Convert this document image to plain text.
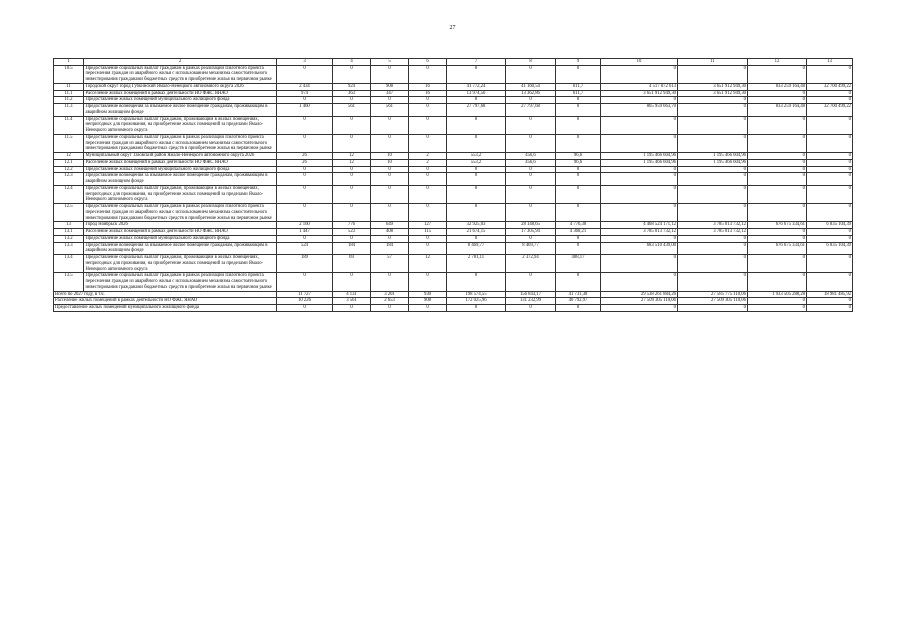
27
1	2	3	4	5	6	7	8	9	10	11	12	13
10.5	Предоставление социальных выплат гражданам в рамках реализации Пилотного проекта переселения граждан из аварийного жилья с использованием механизма самостоятельного инвестирования гражданами бюджетных средств в приобретение жилья на первичном рынке	0	0	0	0	0	0	0	0	0	0	0
11	Городской округ город Губкинский Ямало-Ненецкого автономного округа 2026	2 434	924	908	16	41 772,24	41 160,54	611,7	4 517 872 613	3 651 912 949,30	833 259 164,48	32 700 499,22
11.1	Расселение жилых помещений в рамках деятельности НО ФЖС ЯНАО	974	363	347	16	13 974,56	13 362,86	611,7	3 651 912 949,30	3 651 912 949,30	0	0
11.2	Предоставление жилых помещений муниципального жилищного фонда	0	0	0	0	0	0	0	0	0	0	0
11.3	Предоставление возмещения за изымаемое жилое помещение гражданам, проживающим в аварийном жилищном фонде	1 460	561	561	0	27 797,68	27 797,68	0	865 959 663,70	0	833 259 164,48	32 700 499,22
11.4	Предоставление социальных выплат гражданам, проживающим в жилых помещениях, непригодных для проживания, на приобретение жилых помещений за пределами Ямало-Ненецкого автономного округа	0	0	0	0	0	0	0	0	0	0	0
11.5	Предоставление социальных выплат гражданам в рамках реализации Пилотного проекта переселения граждан из аварийного жилья с использованием механизма самостоятельного инвестирования гражданами бюджетных средств в приобретение жилья на первичном рынке	0	0	0	0	0	0	0	0	0	0	0
12	Муниципальный округ Тазовский район Ямало-Ненецкого автономного округа 2026	26	12	10	2	553,2	456,6	96,6	1 195 466 604,96	1 195 466 604,96	0	0
12.1	Расселение жилых помещений в рамках деятельности НО ФЖС ЯНАО	26	12	10	2	553,2	456,6	96,6	1 195 466 604,96	1 195 466 604,96	0	0
12.2	Предоставление жилых помещений муниципального жилищного фонда	0	0	0	0	0	0	0	0	0	0	0
12.3	Предоставление возмещения за изымаемое жилое помещение гражданам, проживающим в аварийном жилищном фонде	0	0	0	0	0	0	0	0	0	0	0
12.4	Предоставление социальных выплат гражданам, проживающим в жилых помещениях, непригодных для проживания, на приобретение жилых помещений за пределами Ямало-Ненецкого автономного округа	0	0	0	0	0	0	0	0	0	0	0
12.5	Предоставление социальных выплат гражданам в рамках реализации Пилотного проекта переселения граждан из аварийного жилья с использованием механизма самостоятельного инвестирования гражданами бюджетных средств в приобретение жилья на первичном рынке	0	0	0	0	0	0	0	0	0	0	0
13	Город Ноябрьск 2026	2 160	776	649	127	32 925,03	28 148,65	4 776,38	4 468 524 171,12	3 785 013 732,12	676 675 334,61	6 835 104,39
13.1	Расселение жилых помещений в рамках деятельности НО ФЖС ЯНАО	1 447	523	408	115	21 674,15	17 305,94	4 368,21	3 785 013 732,12	3 785 013 732,12	0	0
13.2	Предоставление жилых помещений муниципального жилищного фонда	0	0	0	0	0	0	0	0	0	0	0
13.3	Предоставление возмещения за изымаемое жилое помещение гражданам, проживающим в аварийном жилищном фонде	524	184	184	0	8 469,77	8 469,77	0	683 510 439,00	0	676 675 334,61	6 835 104,39
13.4	Предоставление социальных выплат гражданам, проживающим в жилых помещениях, непригодных для проживания, на приобретение жилых помещений за пределами Ямало-Ненецкого автономного округа	189	69	57	12	2 781,11	2 372,94	408,17	0	0	0	0
13.5	Предоставление социальных выплат гражданам в рамках реализации Пилотного проекта переселения граждан из аварийного жилья с использованием механизма самостоятельного инвестирования гражданами бюджетных средств в приобретение жилья на первичном рынке	0	0	0	0	0	0	0	0	0	0	0
Всего по 2027 году, в т.ч.		11 727	4 131	3 201	930	198 574,55	156 843,17	41 731,38	29 538 261 884,26	27 585 775 110,06	1 933 505 288,28	18 981 485,92
Расселение жилых помещений в рамках деятельности НО ФЖС ЯНАО		10 226	3 561	2 653	908	172 025,96	131 232,99	40 792,97	27 509 305 110,06	27 509 305 110,06	0	0
Предоставление жилых помещений муниципального жилищного фонда		0	0	0	0	0	0	0	0	0	0	0
